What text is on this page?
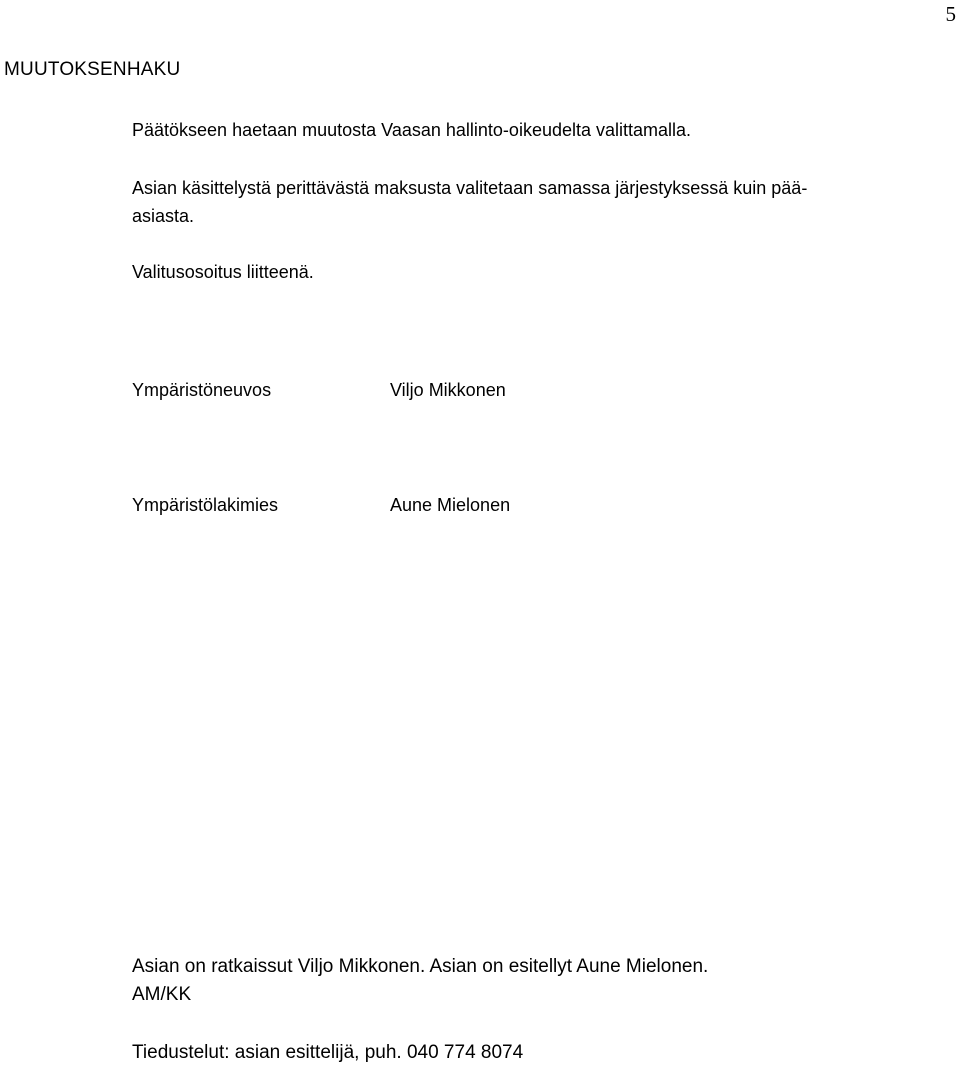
5
MUUTOKSENHAKU

Päätökseen haetaan muutosta Vaasan hallinto-oikeudelta valittamalla.

Asian käsittelystä perittävästä maksusta valitetaan samassa järjestyksessä kuin pää-
asiasta.

Valitusosoitus liitteenä.

Ympäristöneuvos	Viljo Mikkonen
Ympäristölakimies	Aune Mielonen
Asian on ratkaissut Viljo Mikkonen. Asian on esitellyt Aune Mielonen.
AM/KK
Tiedustelut: asian esittelijä, puh. 040 774 8074
